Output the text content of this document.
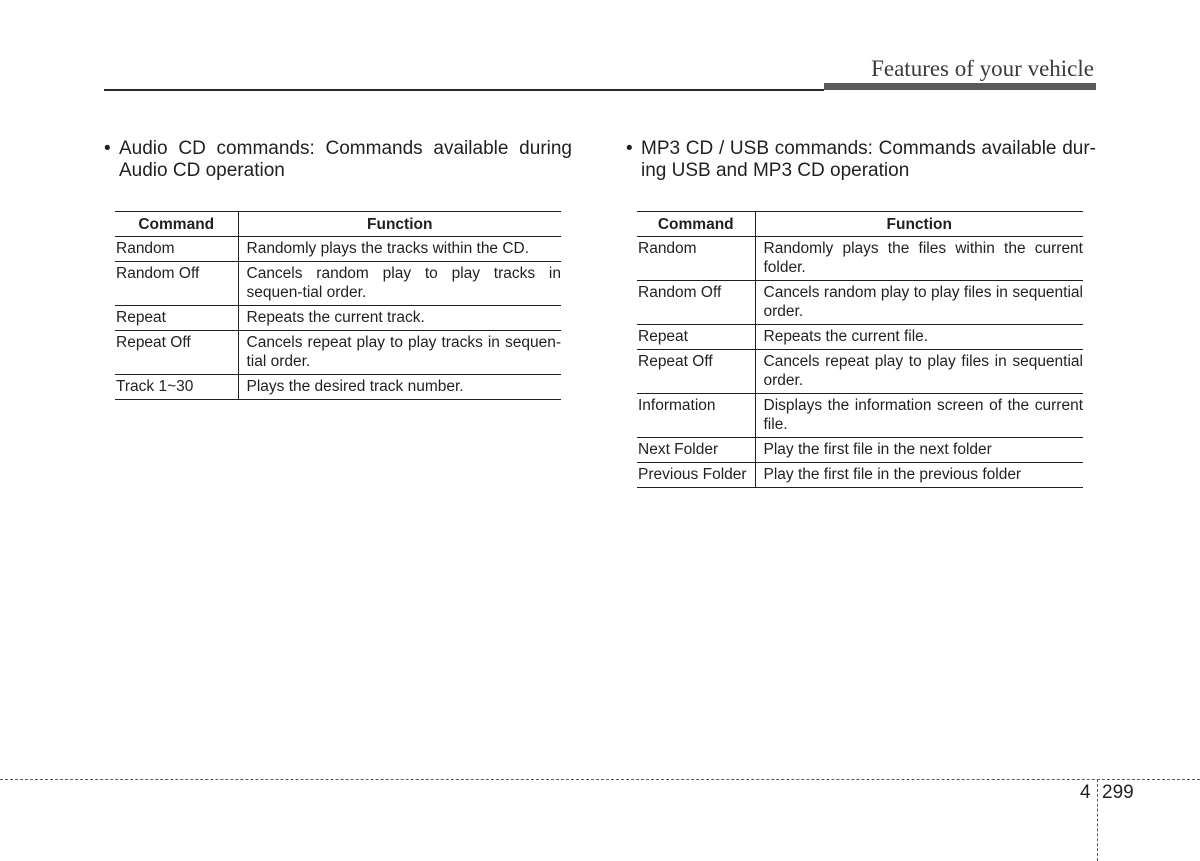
Features of your vehicle
• Audio CD commands: Commands available during Audio CD operation
Command	Function
Random	Randomly plays the tracks within the CD.
Random Off	Cancels random play to play tracks in sequen-tial order.
Repeat	Repeats the current track.
Repeat Off	Cancels repeat play to play tracks in sequen-tial order.
Track 1~30	Plays the desired track number.
• MP3 CD / USB commands: Commands available dur-ing USB and MP3 CD operation
Command	Function
Random	Randomly plays the files within the current folder.
Random Off	Cancels random play to play files in sequential order.
Repeat	Repeats the current file.
Repeat Off	Cancels repeat play to play files in sequential order.
Information	Displays the information screen of the current file.
Next Folder	Play the first file in the next folder
Previous Folder	Play the first file in the previous folder
4 299
